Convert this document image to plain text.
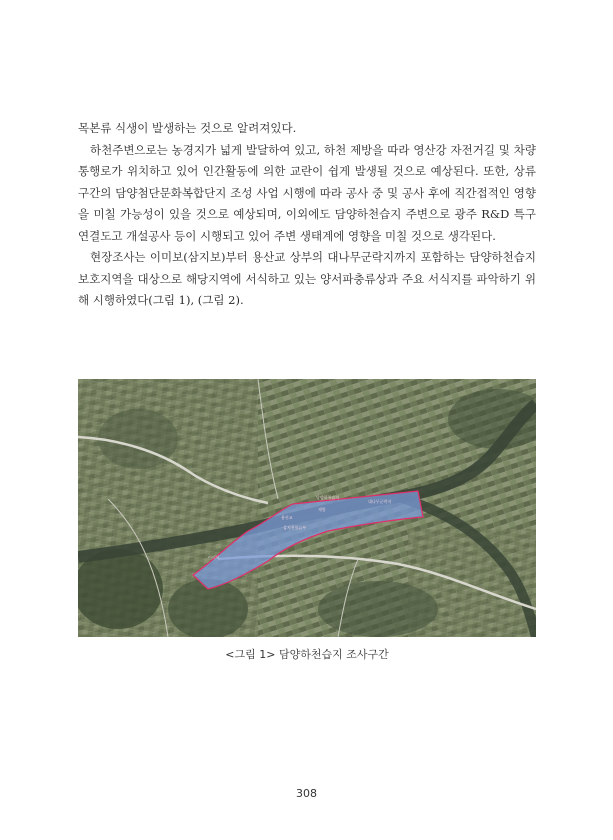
목본류 식생이 발생하는 것으로 알려져있다.

하천주변으로는 농경지가 넓게 발달하여 있고, 하천 제방을 따라 영산강 자전거길 및 차량 통행로가 위치하고 있어 인간활동에 의한 교란이 쉽게 발생될 것으로 예상된다. 또한, 상류구간의 담양첨단문화복합단지 조성 사업 시행에 따라 공사 중 및 공사 후에 직간접적인 영향을 미칠 가능성이 있을 것으로 예상되며, 이외에도 담양하천습지 주변으로 광주 R&D 특구 연결도고 개설공사 등이 시행되고 있어 주변 생태계에 영향을 미칠 것으로 생각된다.

현장조사는 이미보(삼지보)부터 용산교 상부의 대나무군락지까지 포함하는 담양하천습지 보호지역을 대상으로 해당지역에 서식하고 있는 양서파충류상과 주요 서식지를 파악하기 위해 시행하였다(그림 1), (그림 2).

담양하천습지
대나무군락지
용산교
삼지천합류부
이미보
제방
<그림 1> 담양하천습지 조사구간
308
